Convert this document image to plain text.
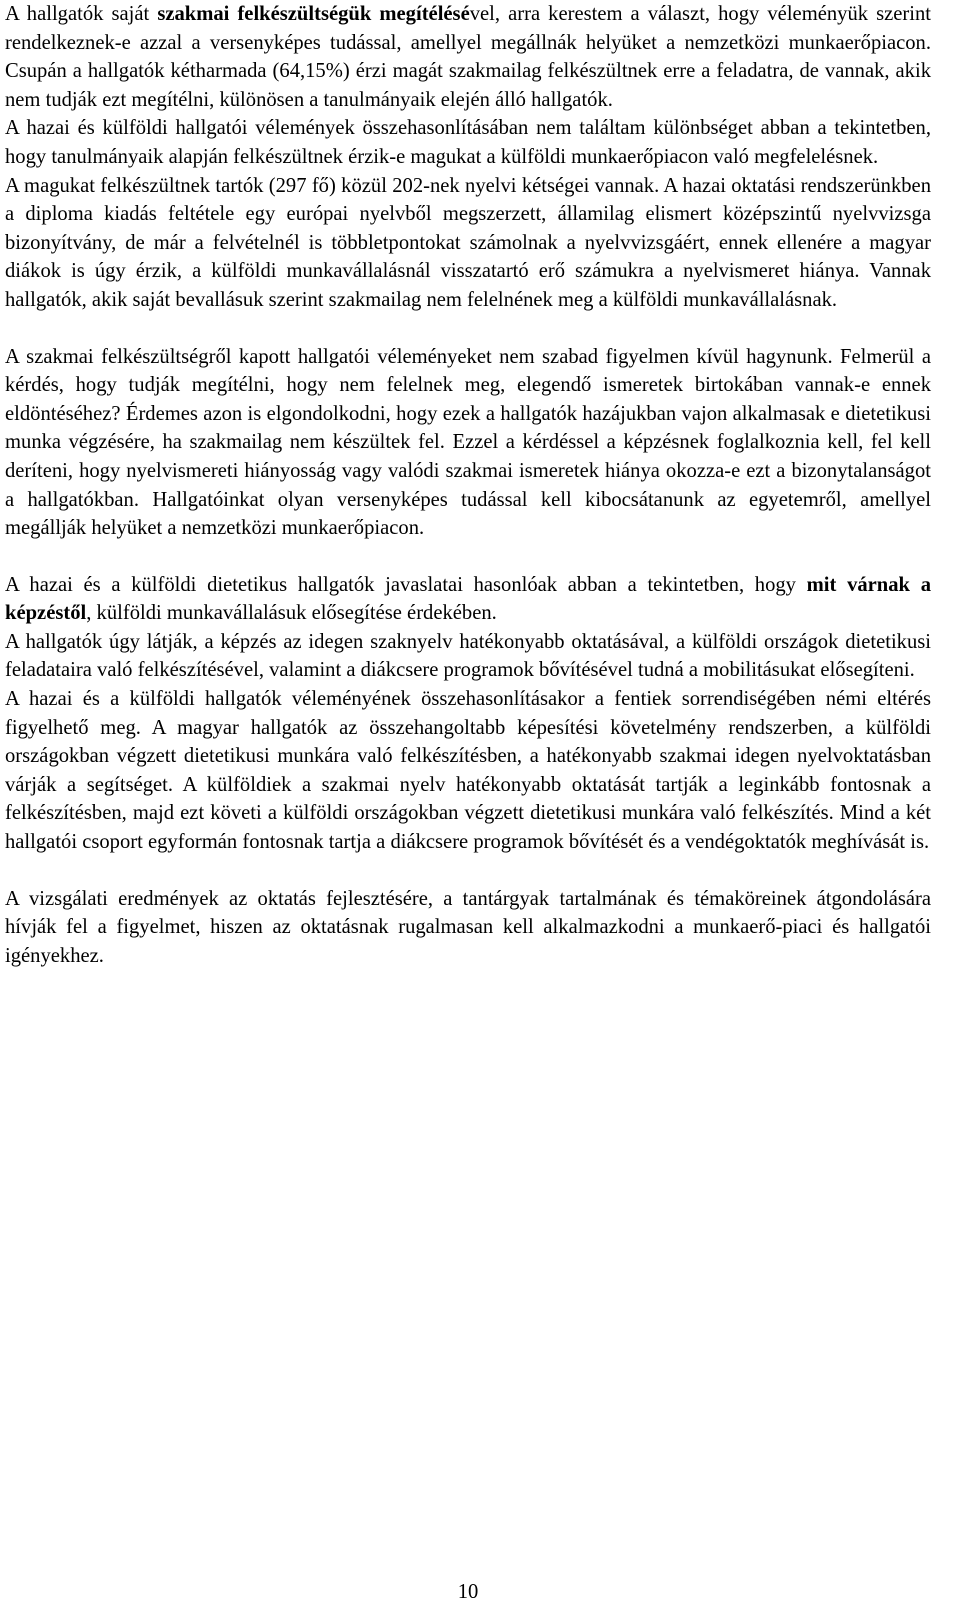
A hallgatók saját szakmai felkészültségük megítélésével, arra kerestem a választ, hogy véleményük szerint rendelkeznek-e azzal a versenyképes tudással, amellyel megállnák helyüket a nemzetközi munkaerőpiacon. Csupán a hallgatók kétharmada (64,15%) érzi magát szakmailag felkészültnek erre a feladatra, de vannak, akik nem tudják ezt megítélni, különösen a tanulmányaik elején álló hallgatók.

A hazai és külföldi hallgatói vélemények összehasonlításában nem találtam különbséget abban a tekintetben, hogy tanulmányaik alapján felkészültnek érzik-e magukat a külföldi munkaerőpiacon való megfelelésnek.

A magukat felkészültnek tartók (297 fő) közül 202-nek nyelvi kétségei vannak. A hazai oktatási rendszerünkben a diploma kiadás feltétele egy európai nyelvből megszerzett, államilag elismert középszintű nyelvvizsga bizonyítvány, de már a felvételnél is többletpontokat számolnak a nyelvvizsgáért, ennek ellenére a magyar diákok is úgy érzik, a külföldi munkavállalásnál visszatartó erő számukra a nyelvismeret hiánya. Vannak hallgatók, akik saját bevallásuk szerint szakmailag nem felelnének meg a külföldi munkavállalásnak.

A szakmai felkészültségről kapott hallgatói véleményeket nem szabad figyelmen kívül hagynunk. Felmerül a kérdés, hogy tudják megítélni, hogy nem felelnek meg, elegendő ismeretek birtokában vannak-e ennek eldöntéséhez? Érdemes azon is elgondolkodni, hogy ezek a hallgatók hazájukban vajon alkalmasak e dietetikusi munka végzésére, ha szakmailag nem készültek fel. Ezzel a kérdéssel a képzésnek foglalkoznia kell, fel kell deríteni, hogy nyelvismereti hiányosság vagy valódi szakmai ismeretek hiánya okozza-e ezt a bizonytalanságot a hallgatókban. Hallgatóinkat olyan versenyképes tudással kell kibocsátanunk az egyetemről, amellyel megállják helyüket a nemzetközi munkaerőpiacon.

A hazai és a külföldi dietetikus hallgatók javaslatai hasonlóak abban a tekintetben, hogy mit várnak a képzéstől, külföldi munkavállalásuk elősegítése érdekében.

A hallgatók úgy látják, a képzés az idegen szaknyelv hatékonyabb oktatásával, a külföldi országok dietetikusi feladataira való felkészítésével, valamint a diákcsere programok bővítésével tudná a mobilitásukat elősegíteni.

A hazai és a külföldi hallgatók véleményének összehasonlításakor a fentiek sorrendiségében némi eltérés figyelhető meg. A magyar hallgatók az összehangoltabb képesítési követelmény rendszerben, a külföldi országokban végzett dietetikusi munkára való felkészítésben, a hatékonyabb szakmai idegen nyelvoktatásban várják a segítséget. A külföldiek a szakmai nyelv hatékonyabb oktatását tartják a leginkább fontosnak a felkészítésben, majd ezt követi a külföldi országokban végzett dietetikusi munkára való felkészítés. Mind a két hallgatói csoport egyformán fontosnak tartja a diákcsere programok bővítését és a vendégoktatók meghívását is.

A vizsgálati eredmények az oktatás fejlesztésére, a tantárgyak tartalmának és témaköreinek átgondolására hívják fel a figyelmet, hiszen az oktatásnak rugalmasan kell alkalmazkodni a munkaerő-piaci és hallgatói igényekhez.

10
